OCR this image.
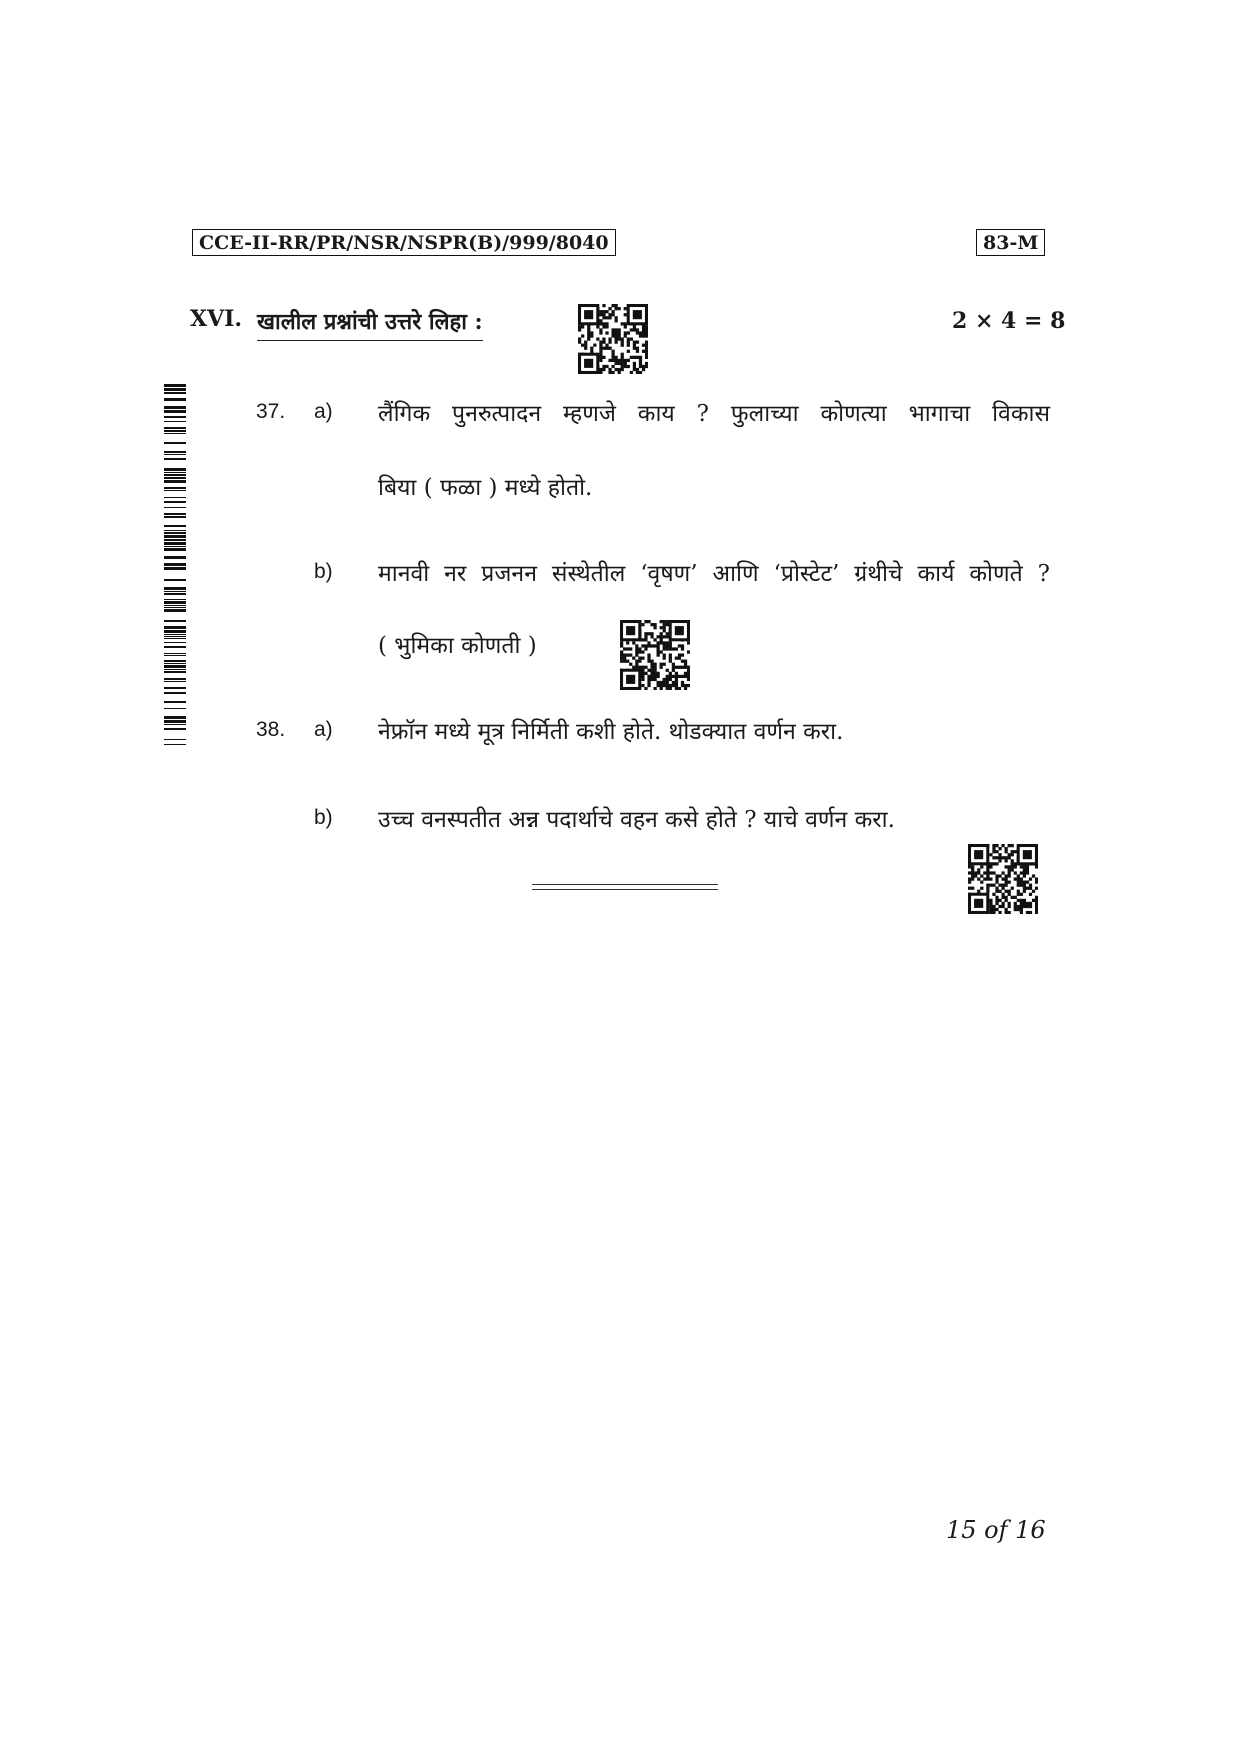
CCE-II-RR/PR/NSR/NSPR(B)/999/8040	83-M
XVI. खालील प्रश्नांची उत्तरे लिहा :	2 × 4 = 8
37. a) लैंगिक पुनरुत्पादन म्हणजे काय ? फुलाच्या कोणत्या भागाचा विकास
बिया ( फळा ) मध्ये होतो.
b) मानवी नर प्रजनन संस्थेतील ‘वृषण’ आणि ‘प्रोस्टेट’ ग्रंथीचे कार्य कोणते ?
( भुमिका कोणती )
38. a) नेफ्रॉन मध्ये मूत्र निर्मिती कशी होते. थोडक्यात वर्णन करा.
b) उच्च वनस्पतीत अन्न पदार्थाचे वहन कसे होते ? याचे वर्णन करा.
15 of 16
